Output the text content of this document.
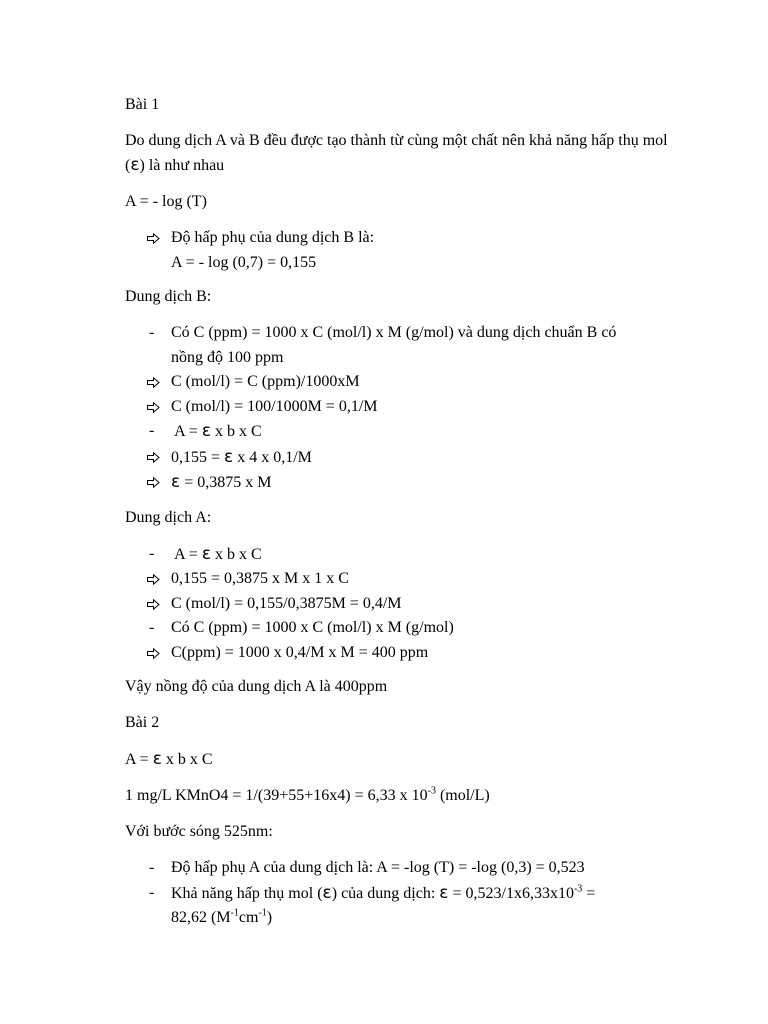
Bài 1

Do dung dịch A và B đều được tạo thành từ cùng một chất nên khả năng hấp thụ mol (ɛ) là như nhau

A = - log (T)

Độ hấp phụ của dung dịch B là:
A = - log (0,7) = 0,155

Dung dịch B:

-	Có C (ppm) = 1000 x C (mol/l) x M (g/mol) và dung dịch chuẩn B có
nồng độ 100 ppm
C (mol/l) = C (ppm)/1000xM
C (mol/l) = 100/1000M = 0,1/M
-	A = ɛ x b x C
0,155 = ɛ x 4 x 0,1/M
ɛ = 0,3875 x M

Dung dịch A:

-	A = ɛ x b x C
0,155 = 0,3875 x M x 1 x C
C (mol/l) = 0,155/0,3875M = 0,4/M
-	Có C (ppm) = 1000 x C (mol/l) x M (g/mol)
C(ppm) = 1000 x 0,4/M x M = 400 ppm

Vậy nồng độ của dung dịch A là 400ppm

Bài 2

A = ɛ x b x C

1 mg/L KMnO4 = 1/(39+55+16x4) = 6,33 x $10^{-3}$ (mol/L)

Với bước sóng 525nm:

-	Độ hấp phụ A của dung dịch là: A = -log (T) = -log (0,3) = 0,523
-	Khả năng hấp thụ mol (ɛ) của dung dịch: ɛ = $0,523/1x6,33x10^{-3}$ =
82,62 $(M^{-1}cm^{-1})$
